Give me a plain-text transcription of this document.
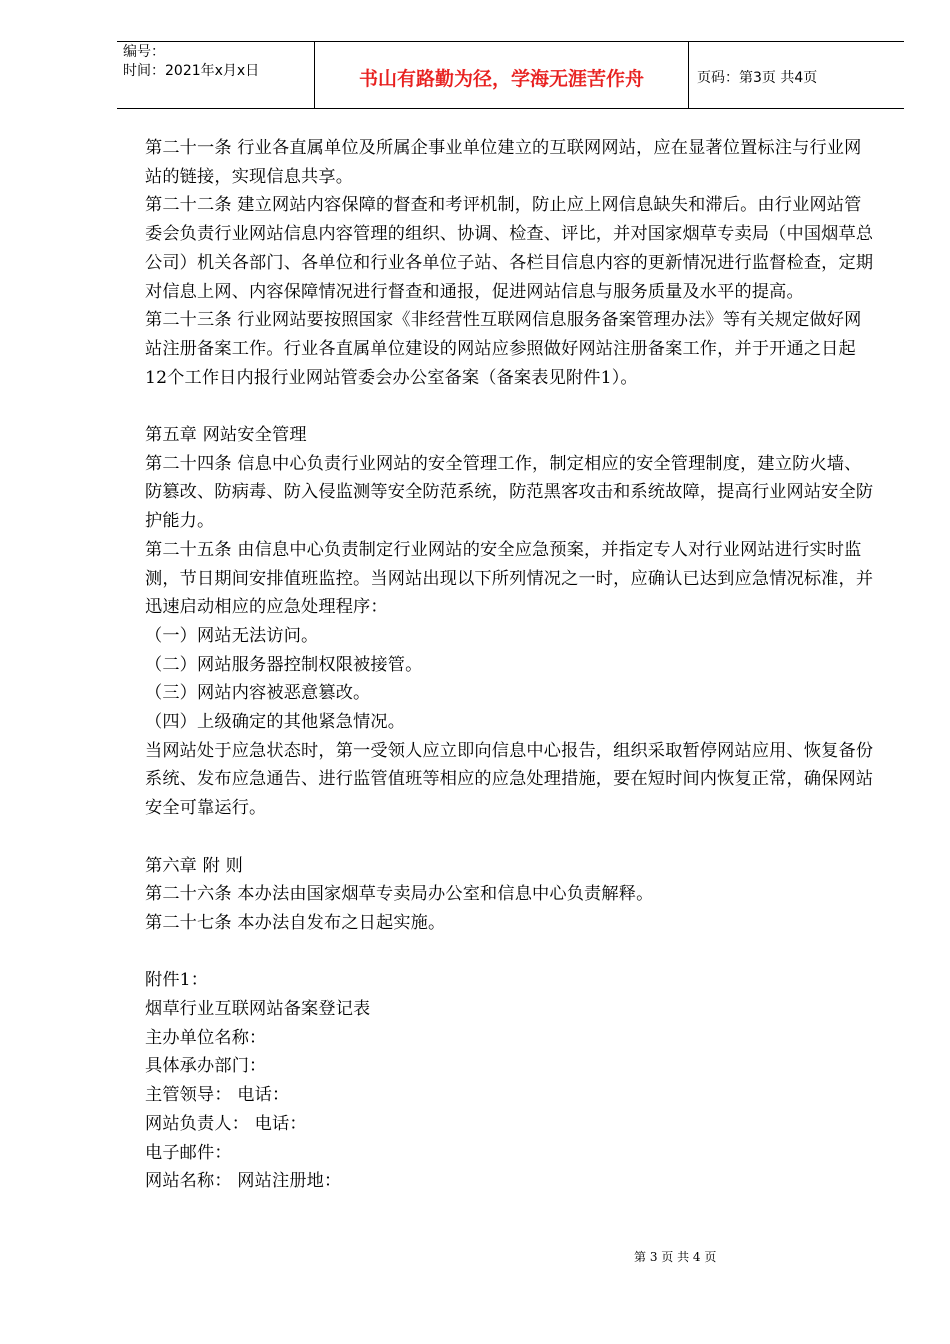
编号：
时间：2021年x月x日	书山有路勤为径，学海无涯苦作舟	页码：第3页 共4页

第二十一条 行业各直属单位及所属企事业单位建立的互联网网站，应在显著位置标注与行业网站的链接，实现信息共享。

第二十二条 建立网站内容保障的督查和考评机制，防止应上网信息缺失和滞后。由行业网站管委会负责行业网站信息内容管理的组织、协调、检查、评比，并对国家烟草专卖局（中国烟草总公司）机关各部门、各单位和行业各单位子站、各栏目信息内容的更新情况进行监督检查，定期对信息上网、内容保障情况进行督查和通报，促进网站信息与服务质量及水平的提高。

第二十三条 行业网站要按照国家《非经营性互联网信息服务备案管理办法》等有关规定做好网站注册备案工作。行业各直属单位建设的网站应参照做好网站注册备案工作，并于开通之日起12个工作日内报行业网站管委会办公室备案（备案表见附件1）。

第五章 网站安全管理

第二十四条 信息中心负责行业网站的安全管理工作，制定相应的安全管理制度，建立防火墙、防篡改、防病毒、防入侵监测等安全防范系统，防范黑客攻击和系统故障，提高行业网站安全防护能力。

第二十五条 由信息中心负责制定行业网站的安全应急预案，并指定专人对行业网站进行实时监测，节日期间安排值班监控。当网站出现以下所列情况之一时，应确认已达到应急情况标准，并迅速启动相应的应急处理程序：

（一）网站无法访问。

（二）网站服务器控制权限被接管。

（三）网站内容被恶意篡改。

（四）上级确定的其他紧急情况。

当网站处于应急状态时，第一受领人应立即向信息中心报告，组织采取暂停网站应用、恢复备份系统、发布应急通告、进行监管值班等相应的应急处理措施，要在短时间内恢复正常，确保网站安全可靠运行。

第六章 附 则

第二十六条 本办法由国家烟草专卖局办公室和信息中心负责解释。

第二十七条 本办法自发布之日起实施。

附件1：

烟草行业互联网站备案登记表

主办单位名称：

具体承办部门：

主管领导： 电话：

网站负责人： 电话：

电子邮件：

网站名称： 网站注册地：

第 3 页 共 4 页
